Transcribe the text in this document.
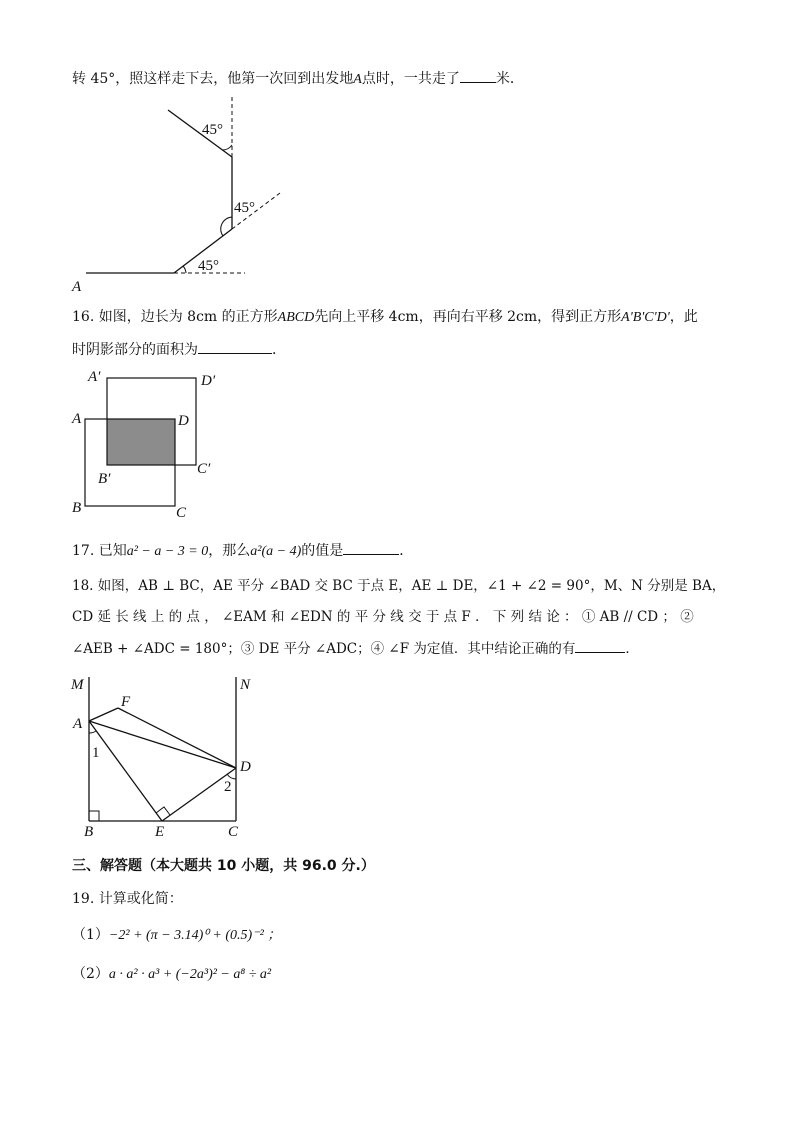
转 45°，照这样走下去，他第一次回到出发地A点时，一共走了	米．
45°
45°
45°
A
16. 如图，边长为 8cm 的正方形ABCD先向上平移 4cm，再向右平移 2cm，得到正方形A'B'C'D'，此
时阴影部分的面积为	．
A′	D′
A	D
B′
C′
B	C
17. 已知a² − a − 3 = 0，那么a²(a − 4)的值是	．
18. 如图，AB ⊥ BC，AE 平分 ∠BAD 交 BC 于点 E，AE ⊥ DE，∠1 + ∠2 = 90°，M、N 分别是 BA，
CD 延 长 线 上 的 点 ， ∠EAM 和 ∠EDN 的 平 分 线 交 于 点 F ． 下 列 结 论 ： ① AB // CD ； ②
∠AEB + ∠ADC = 180°；③ DE 平分 ∠ADC；④ ∠F 为定值．其中结论正确的有	．
M	N
F
A
1
D
2
B	E	C
三、解答题（本大题共 10 小题，共 96.0 分.）
19. 计算或化简：
（1）−2² + (π − 3.14)⁰ + (0.5)⁻² ；
（2）a · a² · a³ + (−2a³)² − a⁸ ÷ a²
